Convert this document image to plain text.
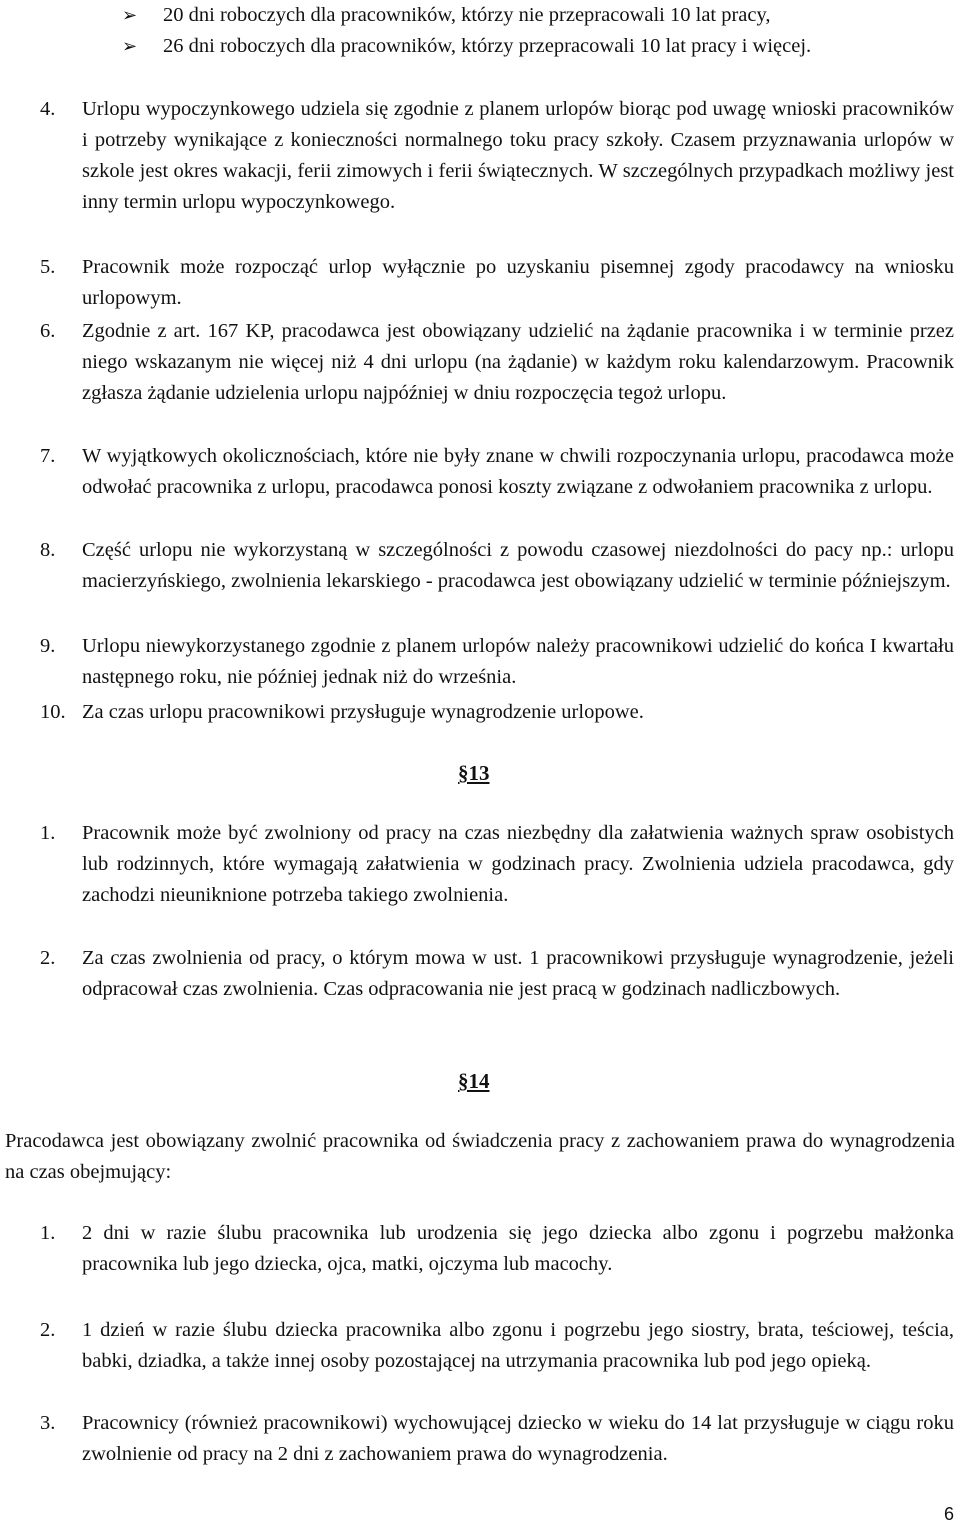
➢ 20 dni roboczych dla pracowników, którzy nie przepracowali 10 lat pracy,
➢ 26 dni roboczych dla pracowników, którzy przepracowali 10 lat pracy i więcej.
4. Urlopu wypoczynkowego udziela się zgodnie z planem urlopów biorąc pod uwagę wnioski pracowników i potrzeby wynikające z konieczności normalnego toku pracy szkoły. Czasem przyznawania urlopów w szkole jest okres wakacji, ferii zimowych i ferii świątecznych. W szczególnych przypadkach możliwy jest inny termin urlopu wypoczynkowego.
5. Pracownik może rozpocząć urlop wyłącznie po uzyskaniu pisemnej zgody pracodawcy na wniosku urlopowym.
6. Zgodnie z art. 167 KP, pracodawca jest obowiązany udzielić na żądanie pracownika i w terminie przez niego wskazanym nie więcej niż 4 dni urlopu (na żądanie) w każdym roku kalendarzowym. Pracownik zgłasza żądanie udzielenia urlopu najpóźniej w dniu rozpoczęcia tegoż urlopu.
7. W wyjątkowych okolicznościach, które nie były znane w chwili rozpoczynania urlopu, pracodawca może odwołać pracownika z urlopu, pracodawca ponosi koszty związane z odwołaniem pracownika z urlopu.
8. Część urlopu nie wykorzystaną w szczególności z powodu czasowej niezdolności do pacy np.: urlopu macierzyńskiego, zwolnienia lekarskiego - pracodawca jest obowiązany udzielić w terminie późniejszym.
9. Urlopu niewykorzystanego zgodnie z planem urlopów należy pracownikowi udzielić do końca I kwartału następnego roku, nie później jednak niż do września.
10. Za czas urlopu pracownikowi przysługuje wynagrodzenie urlopowe.
§13
1. Pracownik może być zwolniony od pracy na czas niezbędny dla załatwienia ważnych spraw osobistych lub rodzinnych, które wymagają załatwienia w godzinach pracy. Zwolnienia udziela pracodawca, gdy zachodzi nieuniknione potrzeba takiego zwolnienia.
2. Za czas zwolnienia od pracy, o którym mowa w ust. 1 pracownikowi przysługuje wynagrodzenie, jeżeli odpracował czas zwolnienia. Czas odpracowania nie jest pracą w godzinach nadliczbowych.
§14
Pracodawca jest obowiązany zwolnić pracownika od świadczenia pracy z zachowaniem prawa do wynagrodzenia na czas obejmujący:
1. 2 dni w razie ślubu pracownika lub urodzenia się jego dziecka albo zgonu i pogrzebu małżonka pracownika lub jego dziecka, ojca, matki, ojczyma lub macochy.
2. 1 dzień w razie ślubu dziecka pracownika albo zgonu i pogrzebu jego siostry, brata, teściowej, teścia, babki, dziadka, a także innej osoby pozostającej na utrzymania pracownika lub pod jego opieką.
3. Pracownicy (również pracownikowi) wychowującej dziecko w wieku do 14 lat przysługuje w ciągu roku zwolnienie od pracy na 2 dni z zachowaniem prawa do wynagrodzenia.
6
